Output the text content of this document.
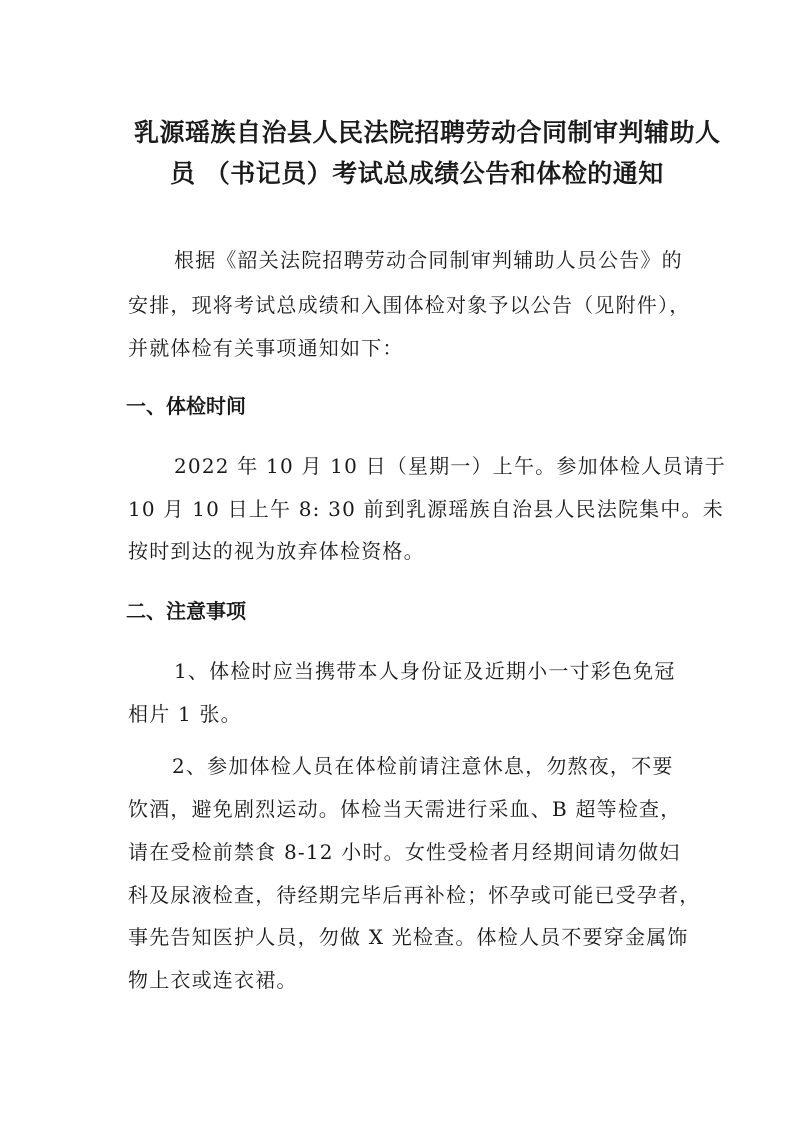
乳源瑶族自治县人民法院招聘劳动合同制审判辅助人
员 （书记员）考试总成绩公告和体检的通知
根据《韶关法院招聘劳动合同制审判辅助人员公告》的
安排，现将考试总成绩和入围体检对象予以公告（见附件），
并就体检有关事项通知如下：
一、体检时间
2022 年 10 月 10 日（星期一）上午。参加体检人员请于
10 月 10 日上午 8: 30 前到乳源瑶族自治县人民法院集中。未
按时到达的视为放弃体检资格。
二、注意事项
1、体检时应当携带本人身份证及近期小一寸彩色免冠
相片 1 张。
2、参加体检人员在体检前请注意休息，勿熬夜，不要
饮酒，避免剧烈运动。体检当天需进行采血、B 超等检查，
请在受检前禁食 8-12 小时。女性受检者月经期间请勿做妇
科及尿液检查，待经期完毕后再补检；怀孕或可能已受孕者，
事先告知医护人员，勿做 X 光检查。体检人员不要穿金属饰
物上衣或连衣裙。
